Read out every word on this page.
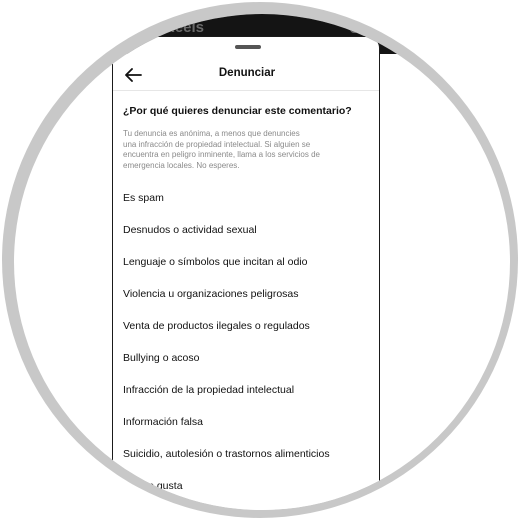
Reels
Denunciar
¿Por qué quieres denunciar este comentario?
Tu denuncia es anónima, a menos que denuncies
una infracción de propiedad intelectual. Si alguien se
encuentra en peligro inminente, llama a los servicios de
emergencia locales. No esperes.
Es spam
Desnudos o actividad sexual
Lenguaje o símbolos que incitan al odio
Violencia u organizaciones peligrosas
Venta de productos ilegales o regulados
Bullying o acoso
Infracción de la propiedad intelectual
Información falsa
Suicidio, autolesión o trastornos alimenticios
No me gusta
